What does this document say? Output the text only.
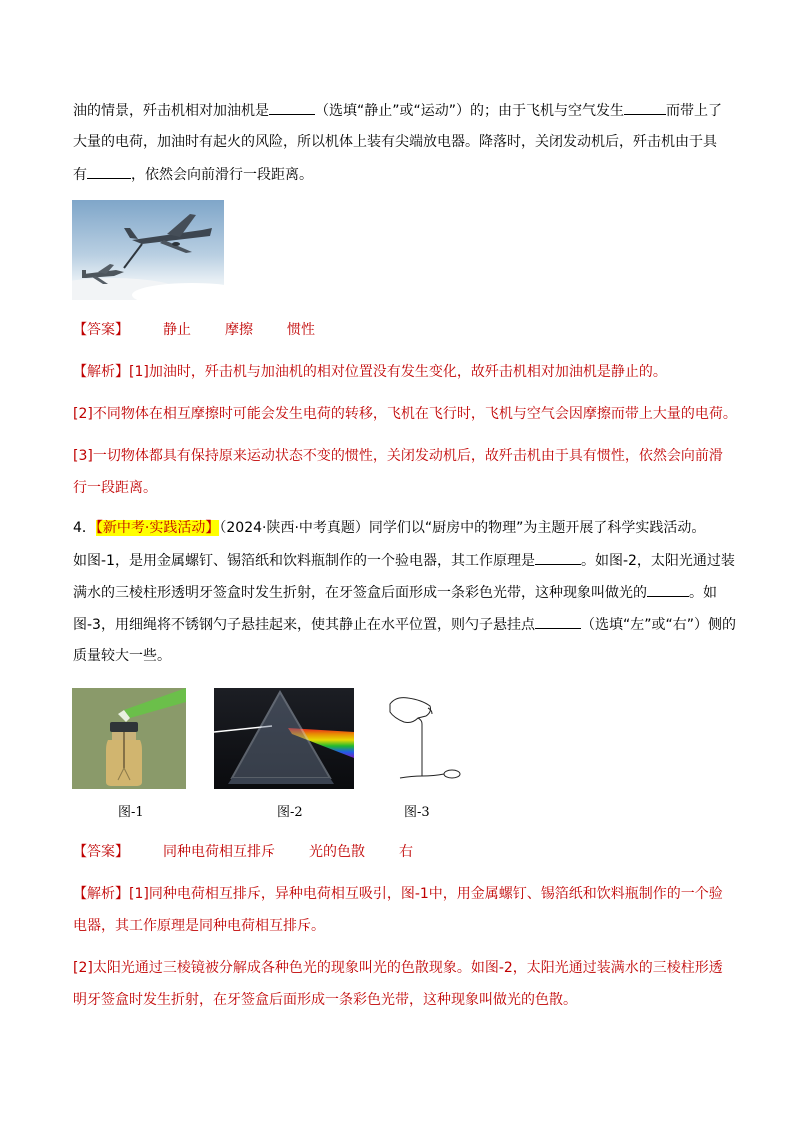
油的情景，歼击机相对加油机是	（选填“静止”或“运动”）的；由于飞机与空气发生	而带上了
大量的电荷，加油时有起火的风险，所以机体上装有尖端放电器。降落时，关闭发动机后，歼击机由于具
有	，依然会向前滑行一段距离。
【答案】 静止 摩擦 惯性
【解析】[1]加油时，歼击机与加油机的相对位置没有发生变化，故歼击机相对加油机是静止的。
[2]不同物体在相互摩擦时可能会发生电荷的转移，飞机在飞行时，飞机与空气会因摩擦而带上大量的电荷。
[3]一切物体都具有保持原来运动状态不变的惯性，关闭发动机后，故歼击机由于具有惯性，依然会向前滑
行一段距离。
4．【新中考·实践活动】（2024·陕西·中考真题）同学们以“厨房中的物理”为主题开展了科学实践活动。
如图-1，是用金属螺钉、锡箔纸和饮料瓶制作的一个验电器，其工作原理是	。如图-2，太阳光通过装
满水的三棱柱形透明牙签盒时发生折射，在牙签盒后面形成一条彩色光带，这种现象叫做光的	。如
图-3，用细绳将不锈钢勺子悬挂起来，使其静止在水平位置，则勺子悬挂点	（选填“左”或“右”）侧的
质量较大一些。
图-1	图-2	图-3
【答案】 同种电荷相互排斥 光的色散 右
【解析】[1]同种电荷相互排斥，异种电荷相互吸引，图-1中，用金属螺钉、锡箔纸和饮料瓶制作的一个验
电器，其工作原理是同种电荷相互排斥。
[2]太阳光通过三棱镜被分解成各种色光的现象叫光的色散现象。如图-2，太阳光通过装满水的三棱柱形透
明牙签盒时发生折射，在牙签盒后面形成一条彩色光带，这种现象叫做光的色散。
